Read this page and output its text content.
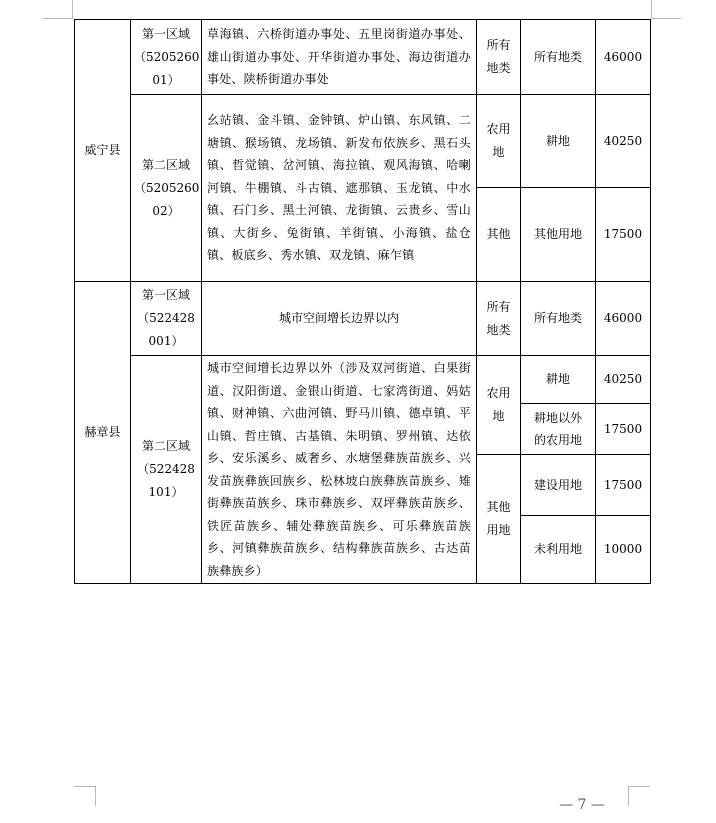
威宁县	第一区域
（5205260
01）	草海镇、六桥街道办事处、五里岗街道办事处、雄山街道办事处、开华街道办事处、海边街道办事处、陕桥街道办事处	所有地类	所有地类	46000
	第二区域
（5205260
02）	幺站镇、金斗镇、金钟镇、炉山镇、东风镇、二塘镇、猴场镇、龙场镇、新发布依族乡、黑石头镇、哲觉镇、岔河镇、海拉镇、观风海镇、哈喇河镇、牛棚镇、斗古镇、遮那镇、玉龙镇、中水镇、石门乡、黑土河镇、龙街镇、云贵乡、雪山镇、大街乡、兔街镇、羊街镇、小海镇、盐仓镇、板底乡、秀水镇、双龙镇、麻乍镇	农用地	耕地	40250
			其他	其他用地	17500
赫章县	第一区域
（522428
001）	城市空间增长边界以内	所有地类	所有地类	46000
	第二区域
（522428
101）	城市空间增长边界以外（涉及双河街道、白果街道、汉阳街道、金银山街道、七家湾街道、妈姑镇、财神镇、六曲河镇、野马川镇、德卓镇、平山镇、哲庄镇、古基镇、朱明镇、罗州镇、达依乡、安乐溪乡、威奢乡、水塘堡彝族苗族乡、兴发苗族彝族回族乡、松林坡白族彝族苗族乡、雉街彝族苗族乡、珠市彝族乡、双坪彝族苗族乡、铁匠苗族乡、辅处彝族苗族乡、可乐彝族苗族乡、河镇彝族苗族乡、结构彝族苗族乡、古达苗族彝族乡）	农用地	耕地	40250

				耕地以外的农用地	17500

			其他用地	建设用地	17500
				未利用地	10000
— 7 —
